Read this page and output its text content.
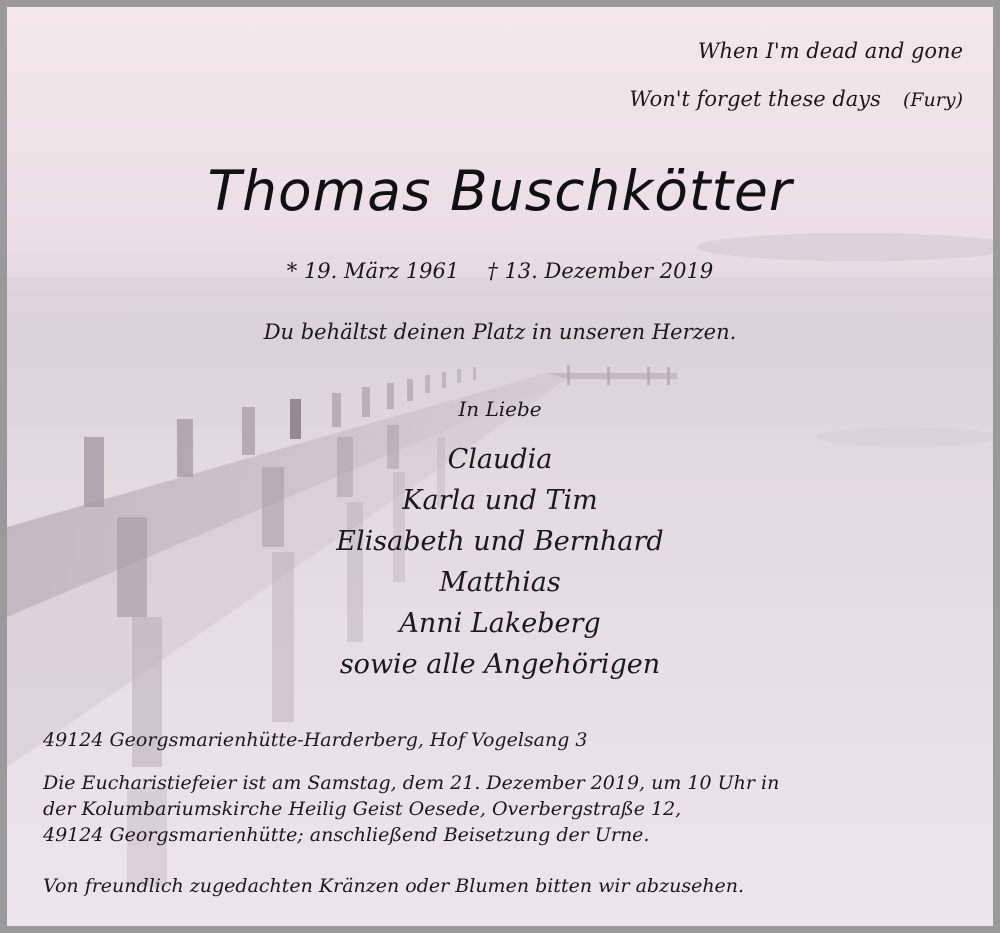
When I'm dead and gone

Won't forget these days (Fury)

Thomas Buschkötter

* 19. März 1961 † 13. Dezember 2019

Du behältst deinen Platz in unseren Herzen.

In Liebe

Claudia
Karla und Tim
Elisabeth und Bernhard
Matthias
Anni Lakeberg
sowie alle Angehörigen

49124 Georgsmarienhütte-Harderberg, Hof Vogelsang 3

Die Eucharistiefeier ist am Samstag, dem 21. Dezember 2019, um 10 Uhr in
der Kolumbariumskirche Heilig Geist Oesede, Overbergstraße 12,
49124 Georgsmarienhütte; anschließend Beisetzung der Urne.

Von freundlich zugedachten Kränzen oder Blumen bitten wir abzusehen.
